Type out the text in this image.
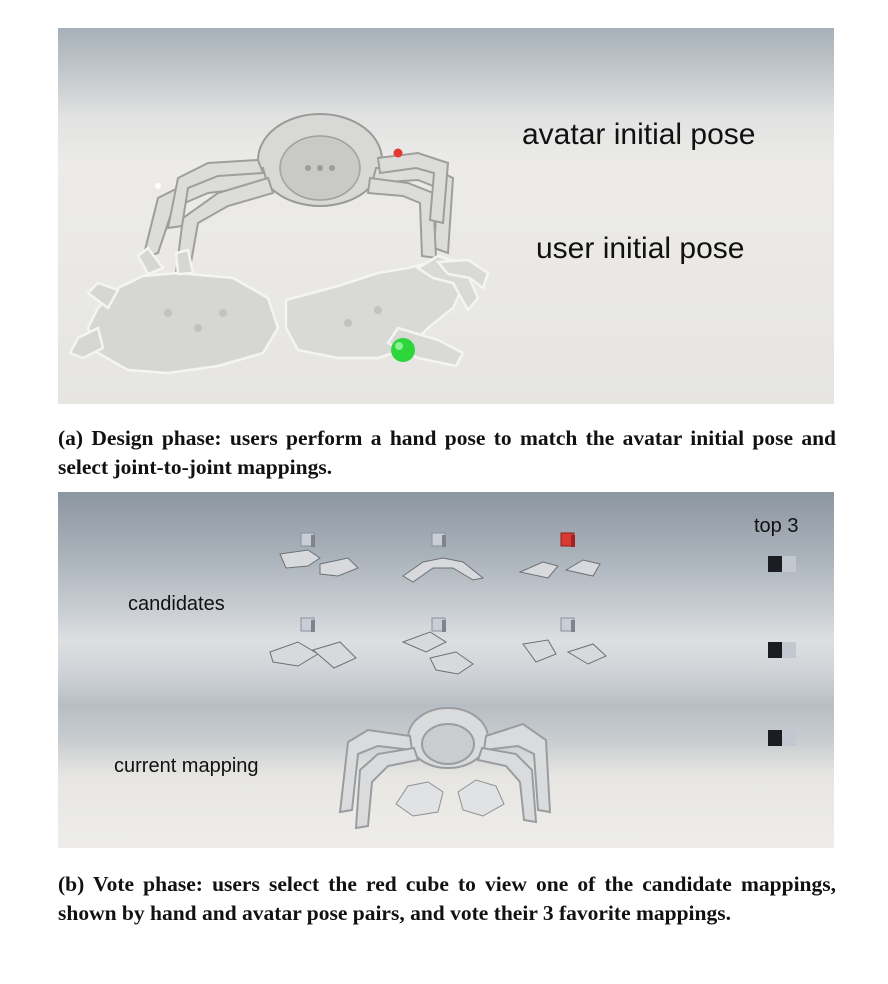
avatar initial pose
user initial pose
(a) Design phase: users perform a hand pose to match the avatar initial pose and select joint-to-joint mappings.
candidates
current mapping
top 3
(b) Vote phase: users select the red cube to view one of the candidate mappings, shown by hand and avatar pose pairs, and vote their 3 favorite mappings.
